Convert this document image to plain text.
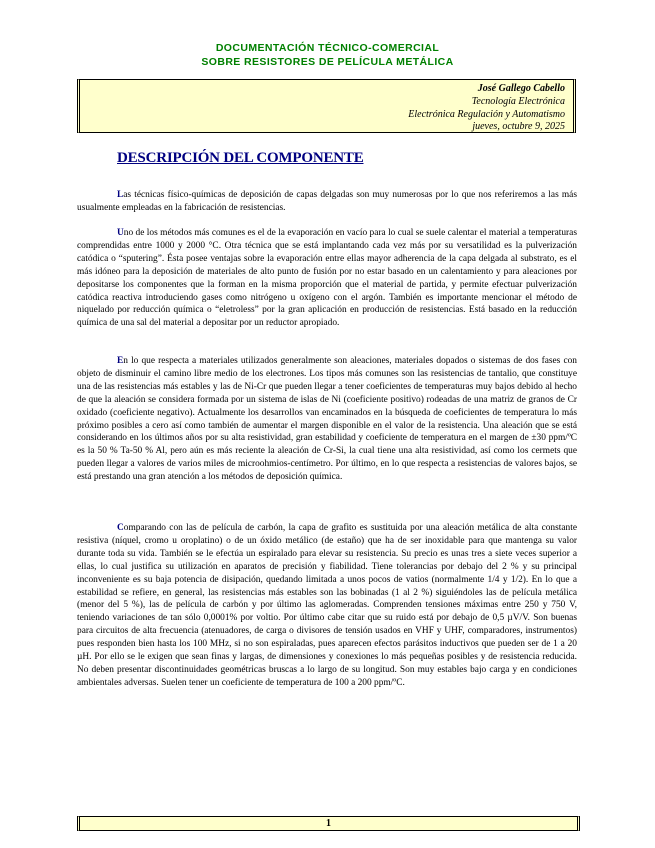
DOCUMENTACIÓN TÉCNICO-COMERCIAL
SOBRE RESISTORES DE PELÍCULA METÁLICA
José Gallego Cabello
Tecnología Electrónica
Electrónica Regulación y Automatismo
jueves, octubre 9, 2025
DESCRIPCIÓN DEL COMPONENTE

Las técnicas físico-químicas de deposición de capas delgadas son muy numerosas por lo que nos referiremos a las más usualmente empleadas en la fabricación de resistencias.

Uno de los métodos más comunes es el de la evaporación en vacío para lo cual se suele calentar el material a temperaturas comprendidas entre 1000 y 2000 °C. Otra técnica que se está implantando cada vez más por su versatilidad es la pulverización catódica o “sputering”. Ésta posee ventajas sobre la evaporación entre ellas mayor adherencia de la capa delgada al substrato, es el más idóneo para la deposición de materiales de alto punto de fusión por no estar basado en un calentamiento y para aleaciones por depositarse los componentes que la forman en la misma proporción que el material de partida, y permite efectuar pulverización catódica reactiva introduciendo gases como nitrógeno u oxígeno con el argón. También es importante mencionar el método de niquelado por reducción química o “eletroless” por la gran aplicación en producción de resistencias. Está basado en la reducción química de una sal del material a depositar por un reductor apropiado.

En lo que respecta a materiales utilizados generalmente son aleaciones, materiales dopados o sistemas de dos fases con objeto de disminuir el camino libre medio de los electrones. Los tipos más comunes son las resistencias de tantalio, que constituye una de las resistencias más estables y las de Ni-Cr que pueden llegar a tener coeficientes de temperaturas muy bajos debido al hecho de que la aleación se considera formada por un sistema de islas de Ni (coeficiente positivo) rodeadas de una matriz de granos de Cr oxidado (coeficiente negativo). Actualmente los desarrollos van encaminados en la búsqueda de coeficientes de temperatura lo más próximo posibles a cero así como también de aumentar el margen disponible en el valor de la resistencia. Una aleación que se está considerando en los últimos años por su alta resistividad, gran estabilidad y coeficiente de temperatura en el margen de ±30 ppm/ºC es la 50 % Ta-50 % Al, pero aún es más reciente la aleación de Cr-Si, la cual tiene una alta resistividad, así como los cermets que pueden llegar a valores de varios miles de microohmios-centímetro. Por último, en lo que respecta a resistencias de valores bajos, se está prestando una gran atención a los métodos de deposición química.

Comparando con las de película de carbón, la capa de grafito es sustituida por una aleación metálica de alta constante resistiva (níquel, cromo u oroplatino) o de un óxido metálico (de estaño) que ha de ser inoxidable para que mantenga su valor durante toda su vida. También se le efectúa un espiralado para elevar su resistencia. Su precio es unas tres a siete veces superior a ellas, lo cual justifica su utilización en aparatos de precisión y fiabilidad. Tiene tolerancias por debajo del 2 % y su principal inconveniente es su baja potencia de disipación, quedando limitada a unos pocos de vatios (normalmente 1/4 y 1/2). En lo que a estabilidad se refiere, en general, las resistencias más estables son las bobinadas (1 al 2 %) siguiéndoles las de película metálica (menor del 5 %), las de película de carbón y por último las aglomeradas. Comprenden tensiones máximas entre 250 y 750 V, teniendo variaciones de tan sólo 0,0001% por voltio. Por último cabe citar que su ruido está por debajo de 0,5 µV/V. Son buenas para circuitos de alta frecuencia (atenuadores, de carga o divisores de tensión usados en VHF y UHF, comparadores, instrumentos) pues responden bien hasta los 100 MHz, si no son espiraladas, pues aparecen efectos parásitos inductivos que pueden ser de 1 a 20 µH. Por ello se le exigen que sean finas y largas, de dimensiones y conexiones lo más pequeñas posibles y de resistencia reducida. No deben presentar discontinuidades geométricas bruscas a lo largo de su longitud. Son muy estables bajo carga y en condiciones ambientales adversas. Suelen tener un coeficiente de temperatura de 100 a 200 ppm/ºC.

1
